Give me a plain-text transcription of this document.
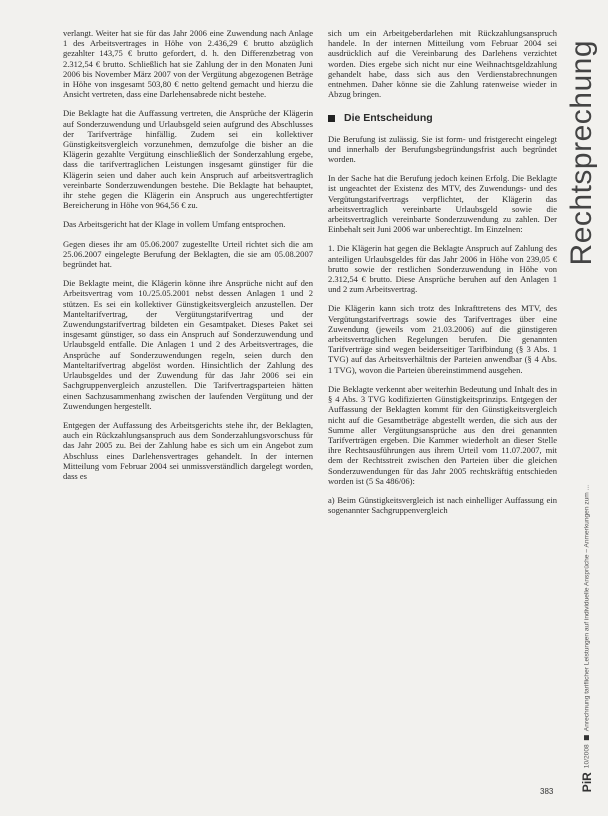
verlangt. Weiter hat sie für das Jahr 2006 eine Zuwendung nach Anlage 1 des Arbeitsvertrages in Höhe von 2.436,29 € brutto abzüglich gezahlter 143,75 € brutto gefordert, d. h. den Differenzbetrag von 2.312,54 € brutto. Schließlich hat sie Zahlung der in den Monaten Juni 2006 bis November März 2007 von der Vergütung abgezogenen Beträge in Höhe von insgesamt 503,80 € netto geltend gemacht und hierzu die Ansicht vertreten, dass eine Darlehensabrede nicht bestehe.

Die Beklagte hat die Auffassung vertreten, die Ansprüche der Klägerin auf Sonderzuwendung und Urlaubsgeld seien aufgrund des Abschlusses der Tarifverträge hinfällig. Zudem sei ein kollektiver Günstigkeitsvergleich vorzunehmen, demzufolge die bisher an die Klägerin gezahlte Vergütung einschließlich der Sonderzahlung ergebe, dass die tarifvertraglichen Leistungen insgesamt günstiger für die Klägerin seien und daher auch kein Anspruch auf arbeitsvertraglich vereinbarte Sonderzuwendungen bestehe. Die Beklagte hat behauptet, ihr stehe gegen die Klägerin ein Anspruch aus ungerechtfertigter Bereicherung in Höhe von 964,56 € zu.

Das Arbeitsgericht hat der Klage in vollem Umfang entsprochen.

Gegen dieses ihr am 05.06.2007 zugestellte Urteil richtet sich die am 25.06.2007 eingelegte Berufung der Beklagten, die sie am 05.08.2007 begründet hat.

Die Beklagte meint, die Klägerin könne ihre Ansprüche nicht auf den Arbeitsvertrag vom 10./25.05.2001 nebst dessen Anlagen 1 und 2 stützen. Es sei ein kollektiver Günstigkeitsvergleich anzustellen. Der Manteltarifvertrag, der Vergütungstarifvertrag und der Zuwendungstarifvertrag bildeten ein Gesamtpaket. Dieses Paket sei insgesamt günstiger, so dass ein Anspruch auf Sonderzuwendung und Urlaubsgeld entfalle. Die Anlagen 1 und 2 des Arbeitsvertrages, die Ansprüche auf Sonderzuwendungen regeln, seien durch den Manteltarifvertrag abgelöst worden. Hinsichtlich der Zahlung des Urlaubsgeldes und der Zuwendung für das Jahr 2006 sei ein Sachgruppenvergleich anzustellen. Die Tarifvertragsparteien hätten einen Sachzusammenhang zwischen der laufenden Vergütung und der Zuwendungen hergestellt.

Entgegen der Auffassung des Arbeitsgerichts stehe ihr, der Beklagten, auch ein Rückzahlungsanspruch aus dem Sonderzahlungsvorschuss für das Jahr 2005 zu. Bei der Zahlung habe es sich um ein Angebot zum Abschluss eines Darlehensvertrages gehandelt. In der internen Mitteilung vom Februar 2004 sei unmissverständlich dargelegt worden, dass es

sich um ein Arbeitgeberdarlehen mit Rückzahlungsanspruch handele. In der internen Mitteilung vom Februar 2004 sei ausdrücklich auf die Vereinbarung des Darlehens verzichtet worden. Dies ergebe sich nicht nur eine Weihnachtsgeldzahlung gehandelt habe, dass sich aus den Verdienstabrechnungen entnehmen. Daher könne sie die Zahlung ratenweise wieder in Abzug bringen.

Die Entscheidung

Die Berufung ist zulässig. Sie ist form- und fristgerecht eingelegt und innerhalb der Berufungsbegründungsfrist auch begründet worden.

In der Sache hat die Berufung jedoch keinen Erfolg. Die Beklagte ist ungeachtet der Existenz des MTV, des Zuwendungs- und des Vergütungstarifvertrags verpflichtet, der Klägerin das arbeitsvertraglich vereinbarte Urlaubsgeld sowie die arbeitsvertraglich vereinbarte Sonderzuwendung zu zahlen. Der Einbehalt seit Juni 2006 war unberechtigt. Im Einzelnen:

1. Die Klägerin hat gegen die Beklagte Anspruch auf Zahlung des anteiligen Urlaubsgeldes für das Jahr 2006 in Höhe von 239,05 € brutto sowie der restlichen Sonderzuwendung in Höhe von 2.312,54 € brutto. Diese Ansprüche beruhen auf den Anlagen 1 und 2 zum Arbeitsvertrag.

Die Klägerin kann sich trotz des Inkrafttretens des MTV, des Vergütungstarifvertrags sowie des Tarifvertrages über eine Zuwendung (jeweils vom 21.03.2006) auf die günstigeren arbeitsvertraglichen Regelungen berufen. Die genannten Tarifverträge sind wegen beiderseitiger Tarifbindung (§ 3 Abs. 1 TVG) auf das Arbeitsverhältnis der Parteien anwendbar (§ 4 Abs. 1 TVG), wovon die Parteien übereinstimmend ausgehen.

Die Beklagte verkennt aber weiterhin Bedeutung und Inhalt des in § 4 Abs. 3 TVG kodifizierten Günstigkeitsprinzips. Entgegen der Auffassung der Beklagten kommt für den Günstigkeitsvergleich nicht auf die Gesamtbeträge abgestellt werden, die sich aus der Summe aller Vergütungsansprüche aus den drei genannten Tarifverträgen ergeben. Die Kammer wiederholt an dieser Stelle ihre Rechtsausführungen aus ihrem Urteil vom 11.07.2007, mit dem der Rechtsstreit zwischen den Parteien über die gleichen Sonderzuwendungen für das Jahr 2005 rechtskräftig entschieden worden ist (5 Sa 486/06):

a) Beim Günstigkeitsvergleich ist nach einhelliger Auffassung ein sogenannter Sachgruppenvergleich

Rechtsprechung
PiR
10/2008
Anrechnung tariflicher Leistungen auf individuelle Ansprüche – Anmerkungen zum ...
383
